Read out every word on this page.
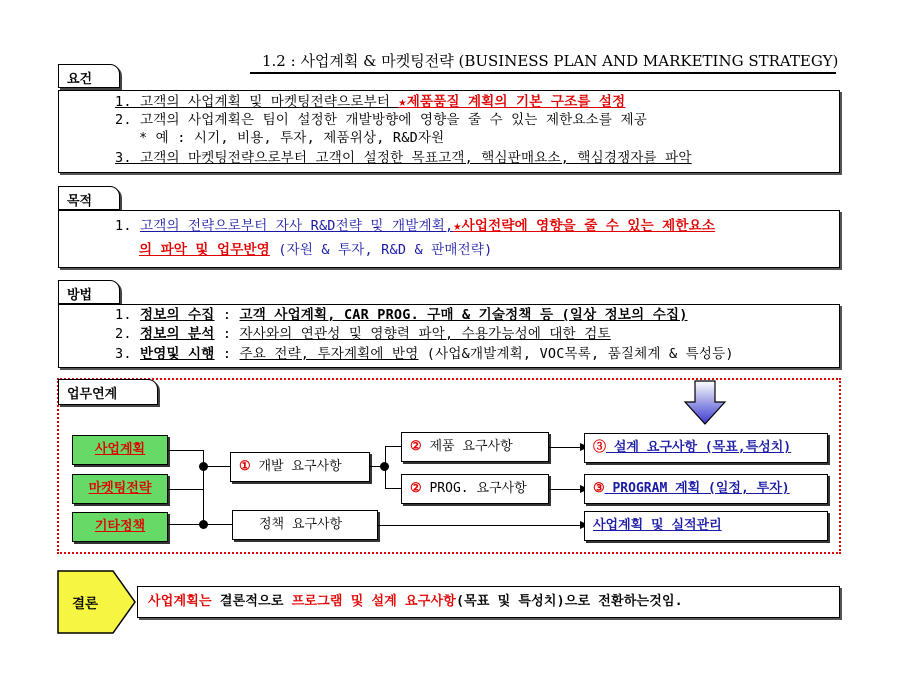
1.2 : 사업계획 & 마켓팅전략 (BUSINESS PLAN AND MARKETING STRATEGY)
요건
1. 고객의 사업계획 및 마켓팅전략으로부터 ★제품품질 계획의 기본 구조를 설정
2. 고객의 사업계획은 팀이 설정한 개발방향에 영향을 줄 수 있는 제한요소를 제공
* 예 : 시기, 비용, 투자, 제품위상, R&D자원
3. 고객의 마켓팅전략으로부터 고객이 설정한 목표고객, 핵심판매요소, 핵심경쟁자를 파악
목적
1. 고객의 전략으로부터 자사 R&D전략 및 개발계획,★사업전략에 영향을 줄 수 있는 제한요소
의 파악 및 업무반영 (자원 & 투자, R&D & 판매전략)
방법
1. 정보의 수집 : 고객 사업계획, CAR PROG. 구매 & 기술정책 등 (일상 정보의 수집)
2. 정보의 분석 : 자사와의 연관성 및 영향력 파악, 수용가능성에 대한 검토
3. 반영및 시행 : 주요 전략, 투자계획에 반영 (사업&개발계획, VOC목록, 품질체계 & 특성등)
업무연계
사업계획
마켓팅전략
기타정책
① 개발 요구사항
정책 요구사항
② 제품 요구사항
② PROG. 요구사항
③ 설계 요구사항 (목표,특성치)
③ PROGRAM 계획 (일정, 투자)
사업계획 및 실적관리
결론	사업계획는 결론적으로 프로그램 및 설계 요구사항(목표 및 특성치)으로 전환하는것임.
